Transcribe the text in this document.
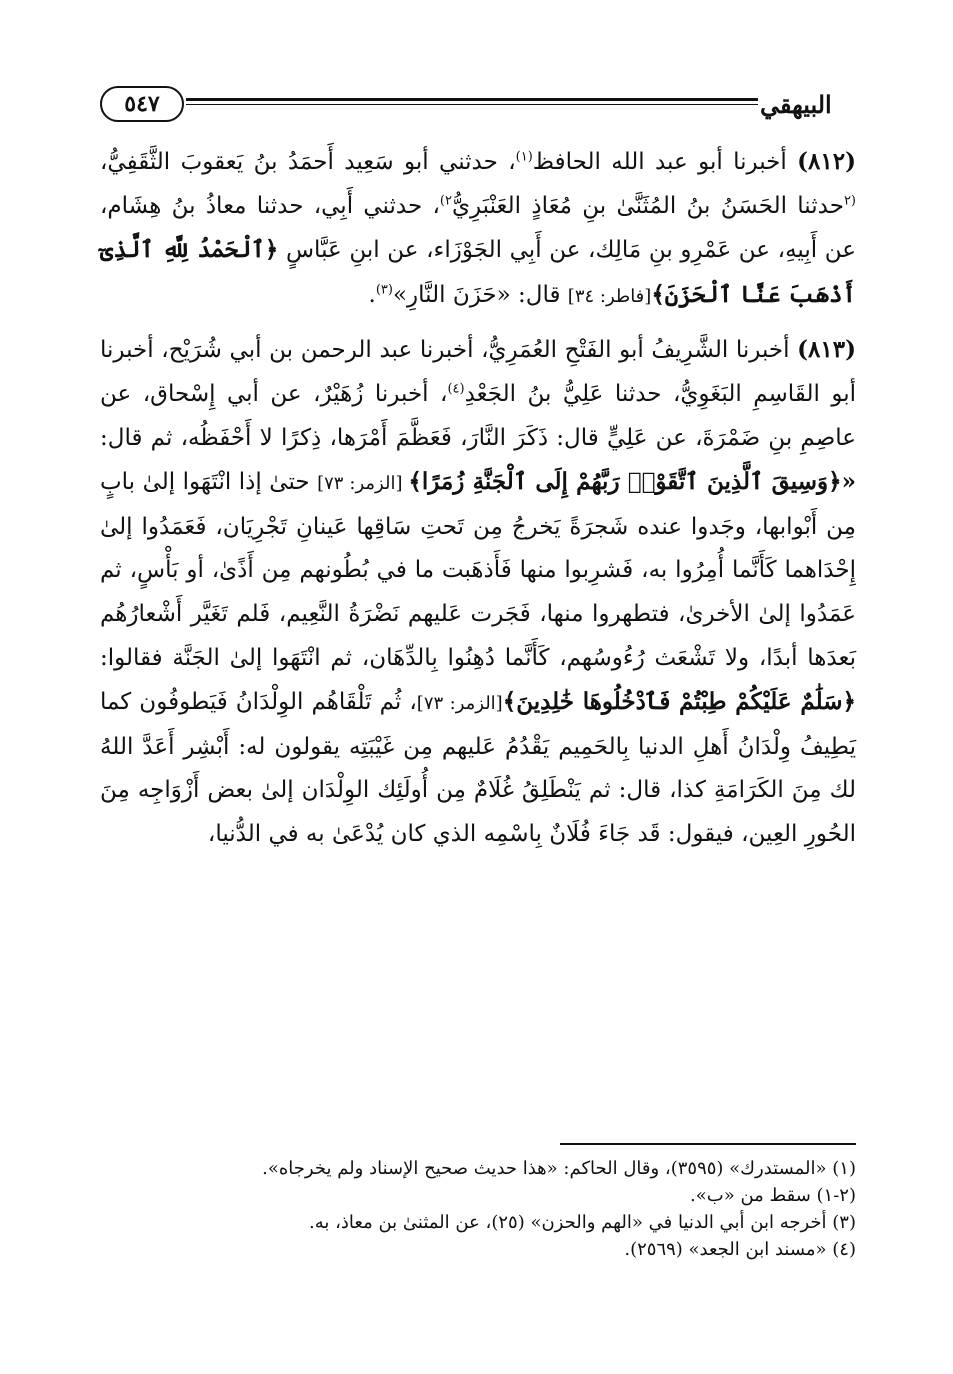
٥٤٧	البيهقي

(٨١٢) أخبرنا أبو عبد الله الحافظ$^{(١)}$، حدثني أبو سَعِيد أَحمَدُ بنُ يَعقوبَ الثَّقَفِيُّ، $^{(٢}$حدثنا الحَسَنُ بنُ المُثَنَّىٰ بنِ مُعَاذٍ العَنْبَرِيُّ$^{٢)}$، حدثني أَبِي، حدثنا معاذُ بنُ هِشَام، عن أَبِيهِ، عن عَمْرِو بنِ مَالِك، عن أَبِي الجَوْزَاء، عن ابنِ عَبَّاسٍ ﴿ٱلْحَمْدُ لِلَّهِ ٱلَّذِىٓ أَذْهَبَ عَنَّا ٱلْحَزَنَ﴾[فاطر: ٣٤] قال: «حَزَنَ النَّارِ»$^{(٣)}$.

(٨١٣) أخبرنا الشَّرِيفُ أبو الفَتْحِ العُمَرِيُّ، أخبرنا عبد الرحمن بن أبي شُرَيْح، أخبرنا أبو القَاسِمِ البَغَوِيُّ، حدثنا عَلِيُّ بنُ الجَعْدِ$^{(٤)}$، أخبرنا زُهَيْرٌ، عن أبي إِسْحاق، عن عاصِمِ بنِ ضَمْرَةَ، عن عَلِيٍّ قال: ذَكَرَ النَّارَ، فَعَظَّمَ أَمْرَها، ذِكرًا لا أَحْفَظُه، ثم قال: «﴿وَسِيقَ ٱلَّذِينَ ٱتَّقَوْا۟ رَبَّهُمْ إِلَى ٱلْجَنَّةِ زُمَرًا﴾ [الزمر: ٧٣] حتىٰ إذا انْتَهَوا إلىٰ بابٍ مِن أَبْوابها، وجَدوا عنده شَجرَةً يَخرجُ مِن تَحتِ سَاقِها عَينانِ تَجْرِيَان، فَعَمَدُوا إلىٰ إِحْدَاهما كَأَنَّما أُمِرُوا به، فَشرِبوا منها فَأَذهَبت ما في بُطُونهم مِن أَذًىٰ، أو بَأْسٍ، ثم عَمَدُوا إلىٰ الأخرىٰ، فتطهروا منها، فَجَرت عَليهم نَضْرَةُ النَّعِيم، فَلم تَغَيَّر أَشْعارُهُم بَعدَها أبدًا، ولا تَشْعَث رُءُوسُهم، كَأَنَّما دُهِنُوا بِالدِّهَان، ثم انْتَهَوا إلىٰ الجَنَّة فقالوا: ﴿سَلَٰمٌ عَلَيْكُمْ طِبْتُمْ فَٱدْخُلُوهَا خَٰلِدِينَ﴾[الزمر: ٧٣]، ثُم تَلْقَاهُم الوِلْدَانُ فَيَطوفُون كما يَطِيفُ وِلْدَانُ أَهلِ الدنيا بِالحَمِيم يَقْدُمُ عَليهم مِن غَيْبَتِه يقولون له: أَبْشِر أَعَدَّ اللهُ لك مِنَ الكَرَامَةِ كذا، قال: ثم يَنْطَلِقُ غُلَامٌ مِن أُولَئِك الوِلْدَان إلىٰ بعض أَزْوَاجِه مِنَ الحُورِ العِين، فيقول: قَد جَاءَ فُلَانٌ بِاسْمِه الذي كان يُدْعَىٰ به في الدُّنيا،

(١) «المستدرك» (٣٥٩٥)، وقال الحاكم: «هذا حديث صحيح الإسناد ولم يخرجاه».

(٢-١) سقط من «ب».

(٣) أخرجه ابن أبي الدنيا في «الهم والحزن» (٢٥)، عن المثنىٰ بن معاذ، به.

(٤) «مسند ابن الجعد» (٢٥٦٩).
